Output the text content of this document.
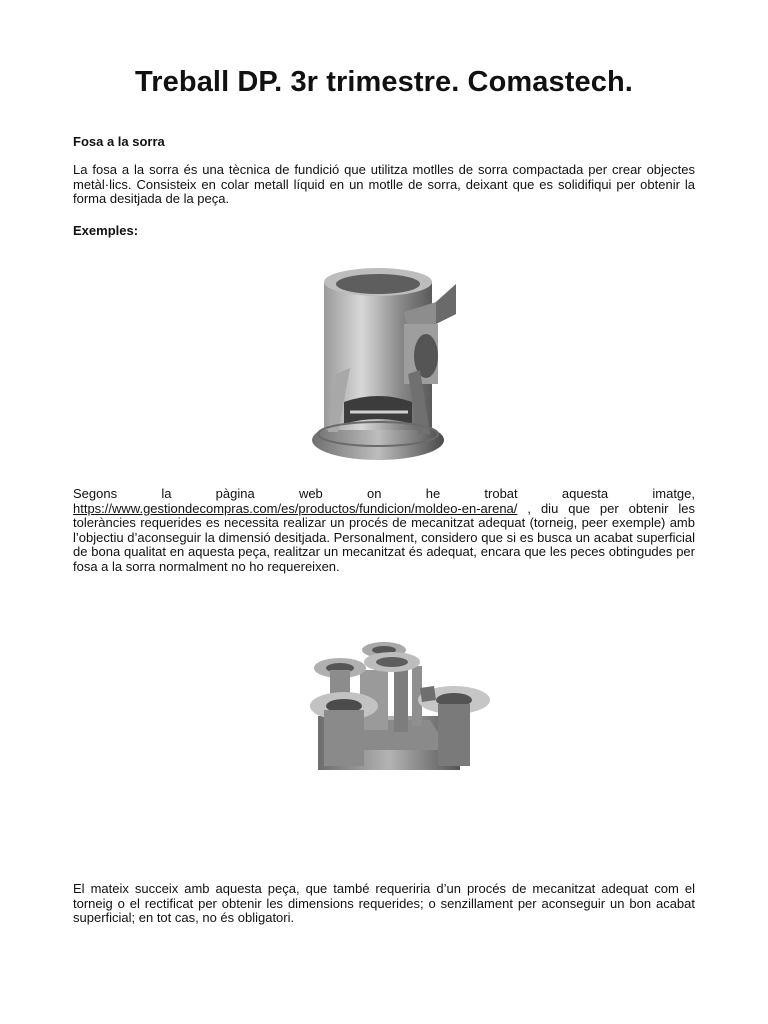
Treball DP. 3r trimestre. Comastech.

Fosa a la sorra

La fosa a la sorra és una tècnica de fundició que utilitza motlles de sorra compactada per crear objectes metàl·lics. Consisteix en colar metall líquid en un motlle de sorra, deixant que es solidifiqui per obtenir la forma desitjada de la peça.

Exemples:

Segons la pàgina web on he trobat aquesta imatge, https://www.gestiondecompras.com/es/productos/fundicion/moldeo-en-arena/ , diu que per obtenir les toleràncies requerides es necessita realizar un procés de mecanitzat adequat (torneig, peer exemple) amb l’objectiu d’aconseguir la dimensió desitjada. Personalment, considero que si es busca un acabat superficial de bona qualitat en aquesta peça, realitzar un mecanitzat és adequat, encara que les peces obtingudes per fosa a la sorra normalment no ho requereixen.

El mateix succeix amb aquesta peça, que també requeriria d’un procés de mecanitzat adequat com el torneig o el rectificat per obtenir les dimensions requerides; o senzillament per aconseguir un bon acabat superficial; en tot cas, no és obligatori.
